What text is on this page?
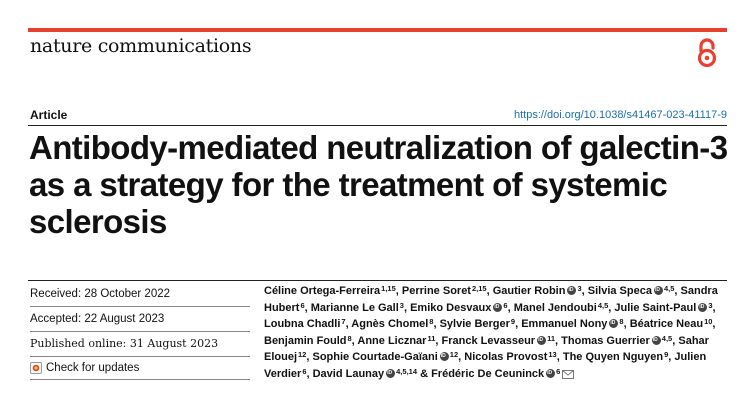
nature communications
Article	https://doi.org/10.1038/s41467-023-41117-9
Antibody-mediated neutralization of galectin-3 as a strategy for the treatment of systemic sclerosis
Received: 28 October 2022
Accepted: 22 August 2023
Published online: 31 August 2023
Check for updates

Céline Ortega-Ferreira$^{1,15}$, Perrine Soret$^{2,15}$, Gautier Robin iD $^3$, Silvia SpecaiD $^{4,5}$, Sandra Hubert$^6$, Marianne Le Gall$^3$, Emiko Desvaux iD $^6$, Manel Jendoubi$^{4,5}$, Julie Saint-Paul iD $^3$, Loubna Chadli$^7$, Agnès Chomel$^8$, Sylvie Berger$^9$, Emmanuel Nony iD $^8$, Béatrice Neau$^{10}$, Benjamin Fould$^8$, Anne Licznar$^{11}$, Franck Levasseur iD $^{11}$, Thomas GuerrieriD $^{4,5}$, Sahar Elouej$^{12}$, Sophie Courtade-GaïaniiD $^{12}$, Nicolas Provost$^{13}$, The Quyen Nguyen$^9$, Julien Verdier$^6$, David Launay iD $^{4,5,14}$ & Frédéric De Ceuninck iD $^6$
